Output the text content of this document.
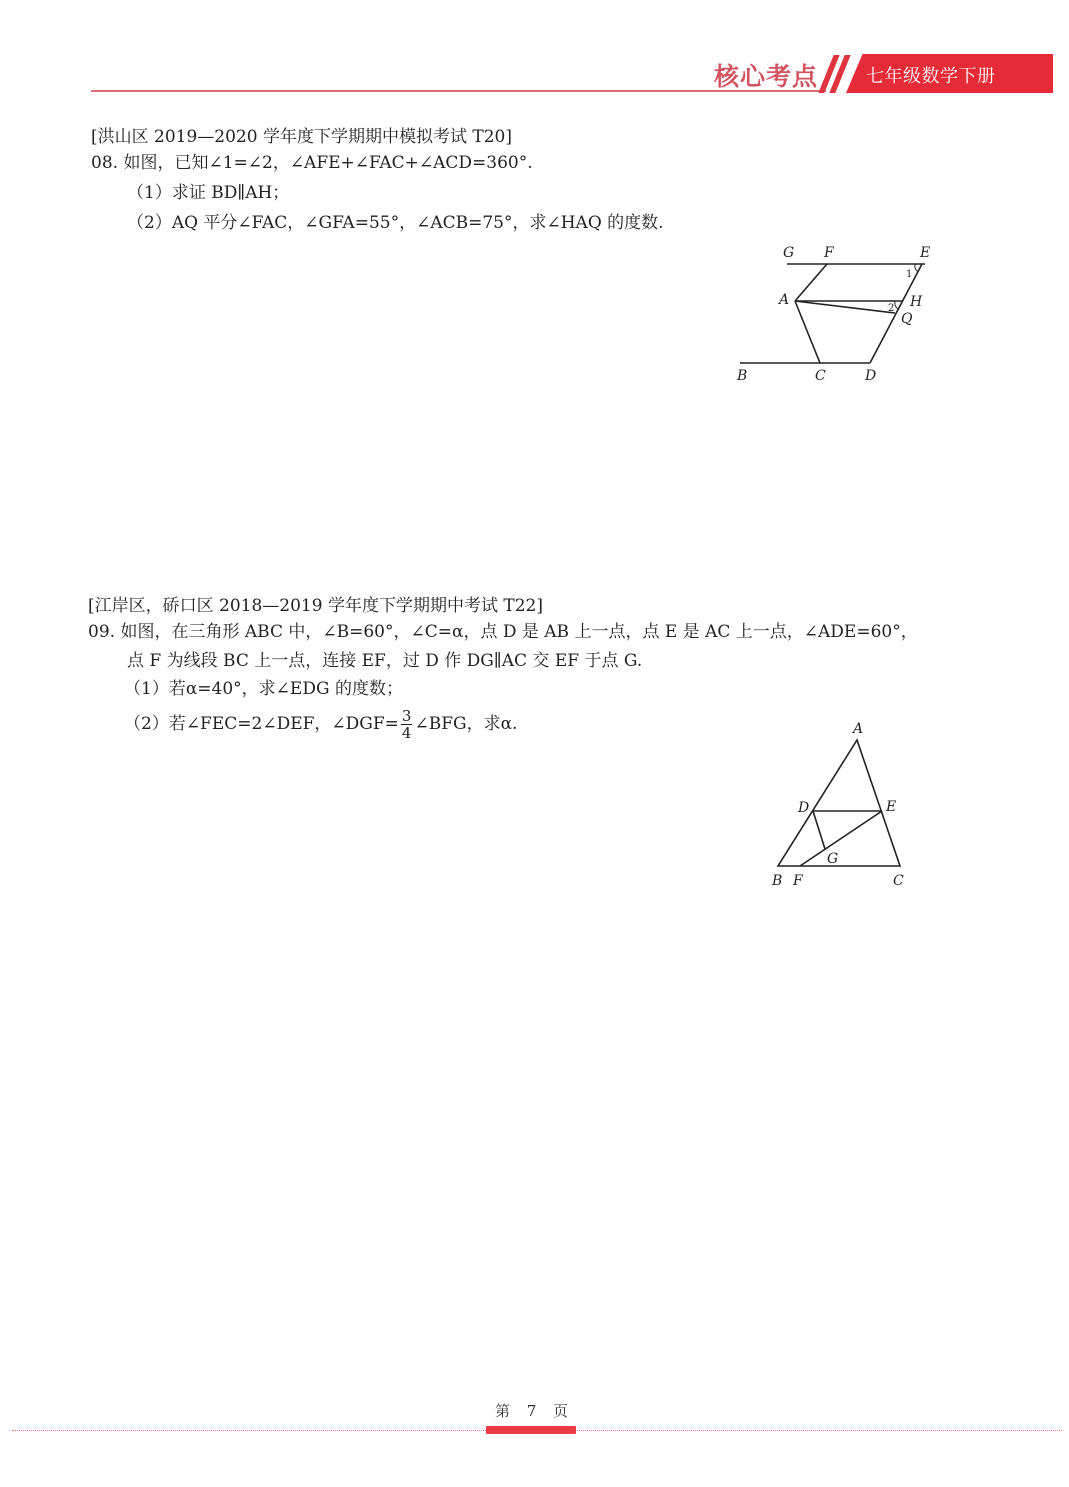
核心考点	七年级数学下册
[洪山区 2019—2020 学年度下学期期中模拟考试 T20]
08. 如图，已知∠1=∠2，∠AFE+∠FAC+∠ACD=360°.
（1）求证 BD∥AH；
（2）AQ 平分∠FAC，∠GFA=55°，∠ACB=75°，求∠HAQ 的度数.
G F	E
1
A
2 H
Q
B	C	D
[江岸区，硚口区 2018—2019 学年度下学期期中考试 T22]
09. 如图，在三角形 ABC 中，∠B=60°，∠C=α，点 D 是 AB 上一点，点 E 是 AC 上一点，∠ADE=60°，
点 F 为线段 BC 上一点，连接 EF，过 D 作 DG∥AC 交 EF 于点 G.
（1）若α=40°，求∠EDG 的度数；
（2）若∠FEC=2∠DEF，∠DGF= $\frac{3}{4}$ ∠BFG，求α.	A
D	E
G
B F	C
第 7 页
